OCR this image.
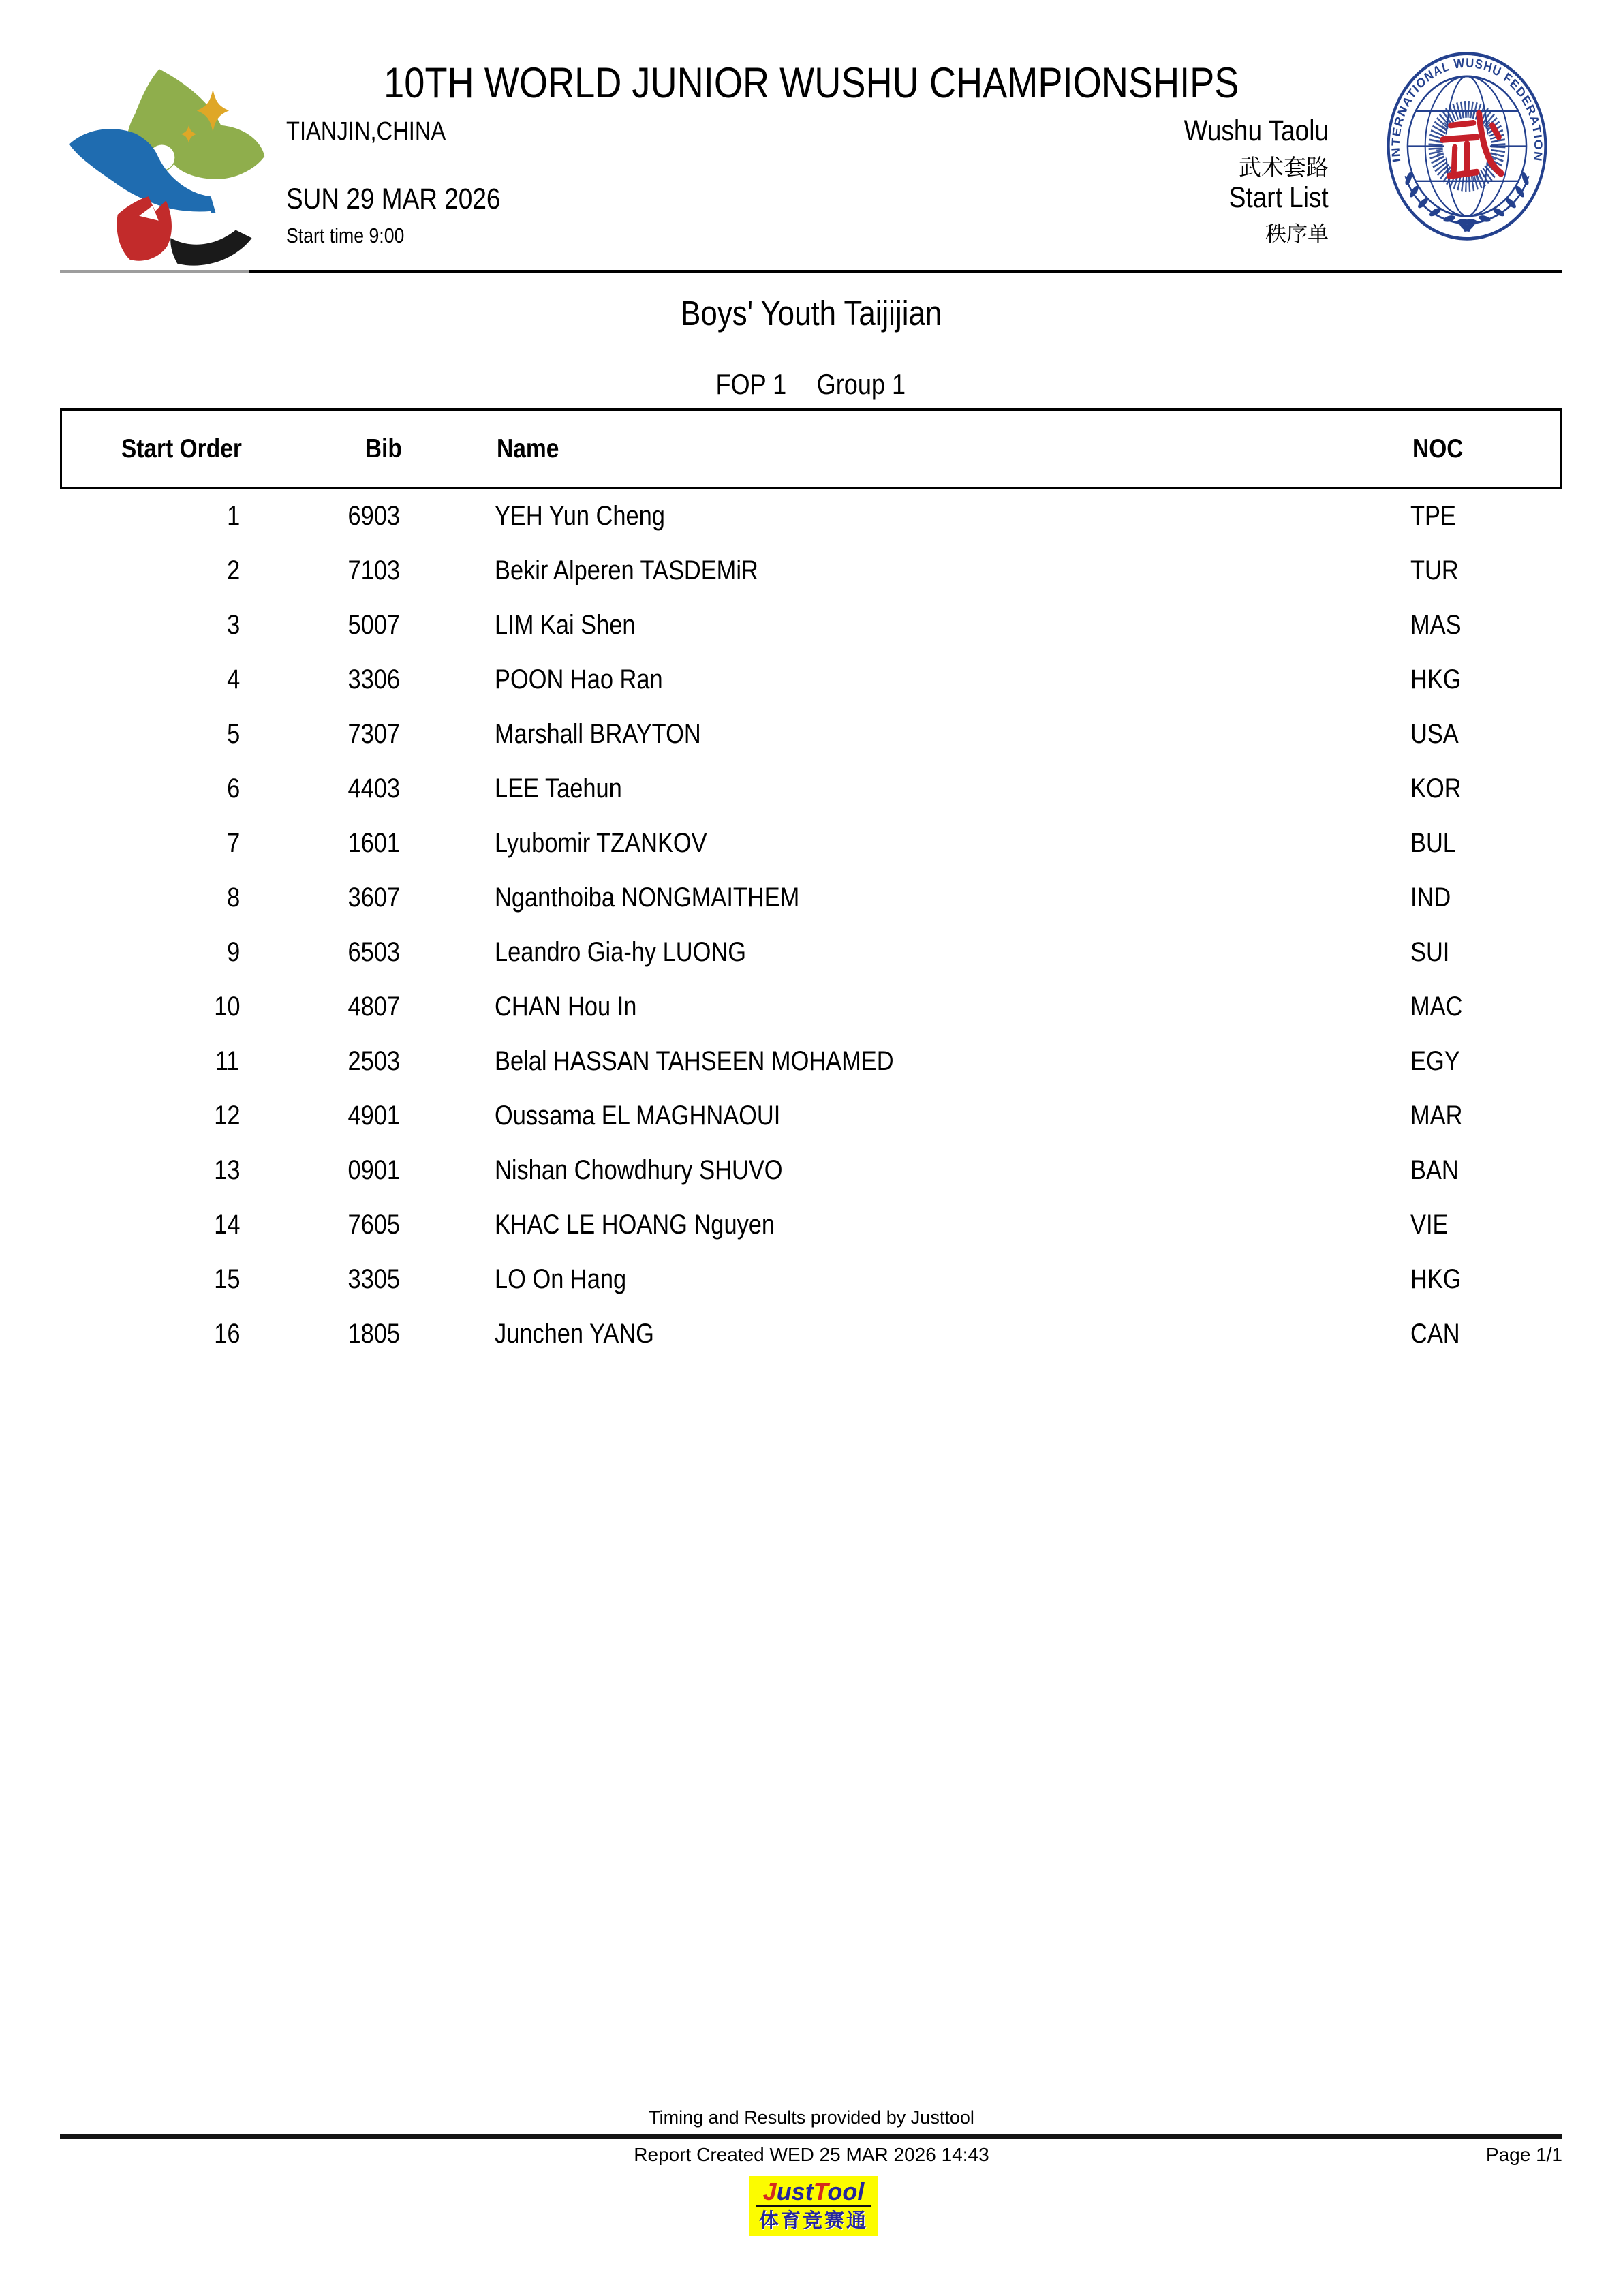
10TH WORLD JUNIOR WUSHU CHAMPIONSHIPS
TIANJIN,CHINA
SUN 29 MAR 2026
Start time 9:00
Wushu Taolu
武术套路
Start List
秩序单
INTERNATIONAL WUSHU FEDERATION
Boys' Youth Taijijian
FOP 1 Group 1
Start Order	Bib	Name	NOC
1	6903	YEH Yun Cheng	TPE
2	7103	Bekir Alperen TASDEMiR	TUR
3	5007	LIM Kai Shen	MAS
4	3306	POON Hao Ran	HKG
5	7307	Marshall BRAYTON	USA
6	4403	LEE Taehun	KOR
7	1601	Lyubomir TZANKOV	BUL
8	3607	Nganthoiba NONGMAITHEM	IND
9	6503	Leandro Gia-hy LUONG	SUI
10	4807	CHAN Hou In	MAC
11	2503	Belal HASSAN TAHSEEN MOHAMED	EGY
12	4901	Oussama EL MAGHNAOUI	MAR
13	0901	Nishan Chowdhury SHUVO	BAN
14	7605	KHAC LE HOANG Nguyen	VIE
15	3305	LO On Hang	HKG
16	1805	Junchen YANG	CAN
Timing and Results provided by Justtool
Report Created WED 25 MAR 2026 14:43	Page 1/1
JustTool
体育竞赛通
